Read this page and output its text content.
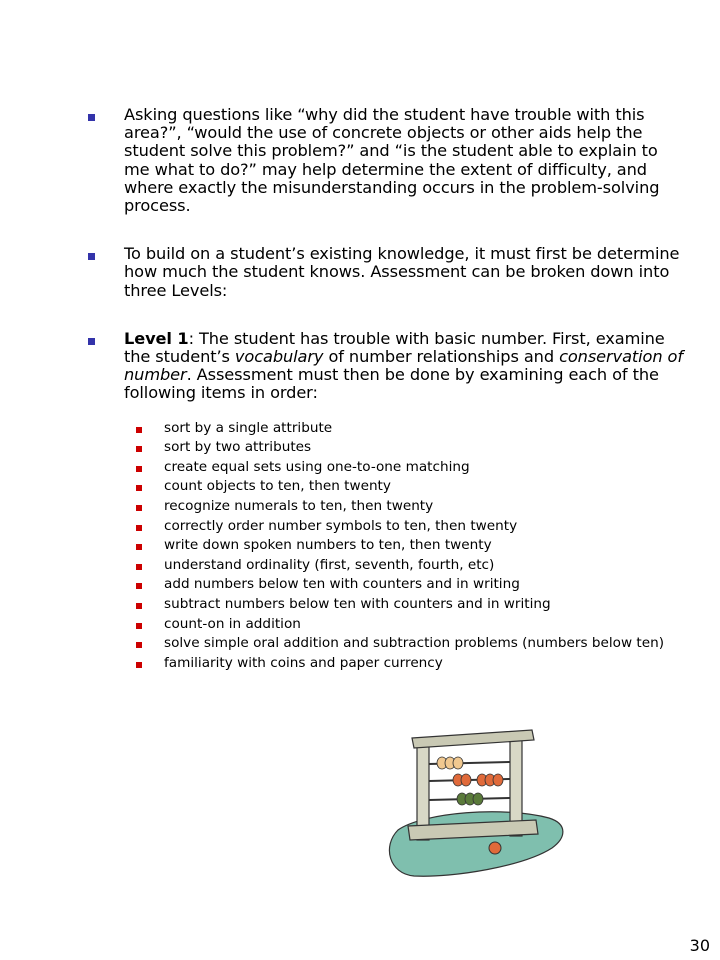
Asking questions like “why did the student have trouble with this area?”, “would the use of concrete objects or other aids help the student solve this problem?” and “is the student able to explain to me what to do?” may help determine the extent of difficulty, and where exactly the misunderstanding occurs in the problem-solving process.
To build on a student’s existing knowledge, it must first be determine how much the student knows. Assessment can be broken down into three Levels:
Level 1: The student has trouble with basic number. First, examine the student’s vocabulary of number relationships and conservation of number. Assessment must then be done by examining each of the following items in order:
sort by a single attribute
sort by two attributes
create equal sets using one-to-one matching
count objects to ten, then twenty
recognize numerals to ten, then twenty
correctly order number symbols to ten, then twenty
write down spoken numbers to ten, then twenty
understand ordinality (first, seventh, fourth, etc)
add numbers below ten with counters and in writing
subtract numbers below ten with counters and in writing
count-on in addition
solve simple oral addition and subtraction problems (numbers below ten)
familiarity with coins and paper currency
30
